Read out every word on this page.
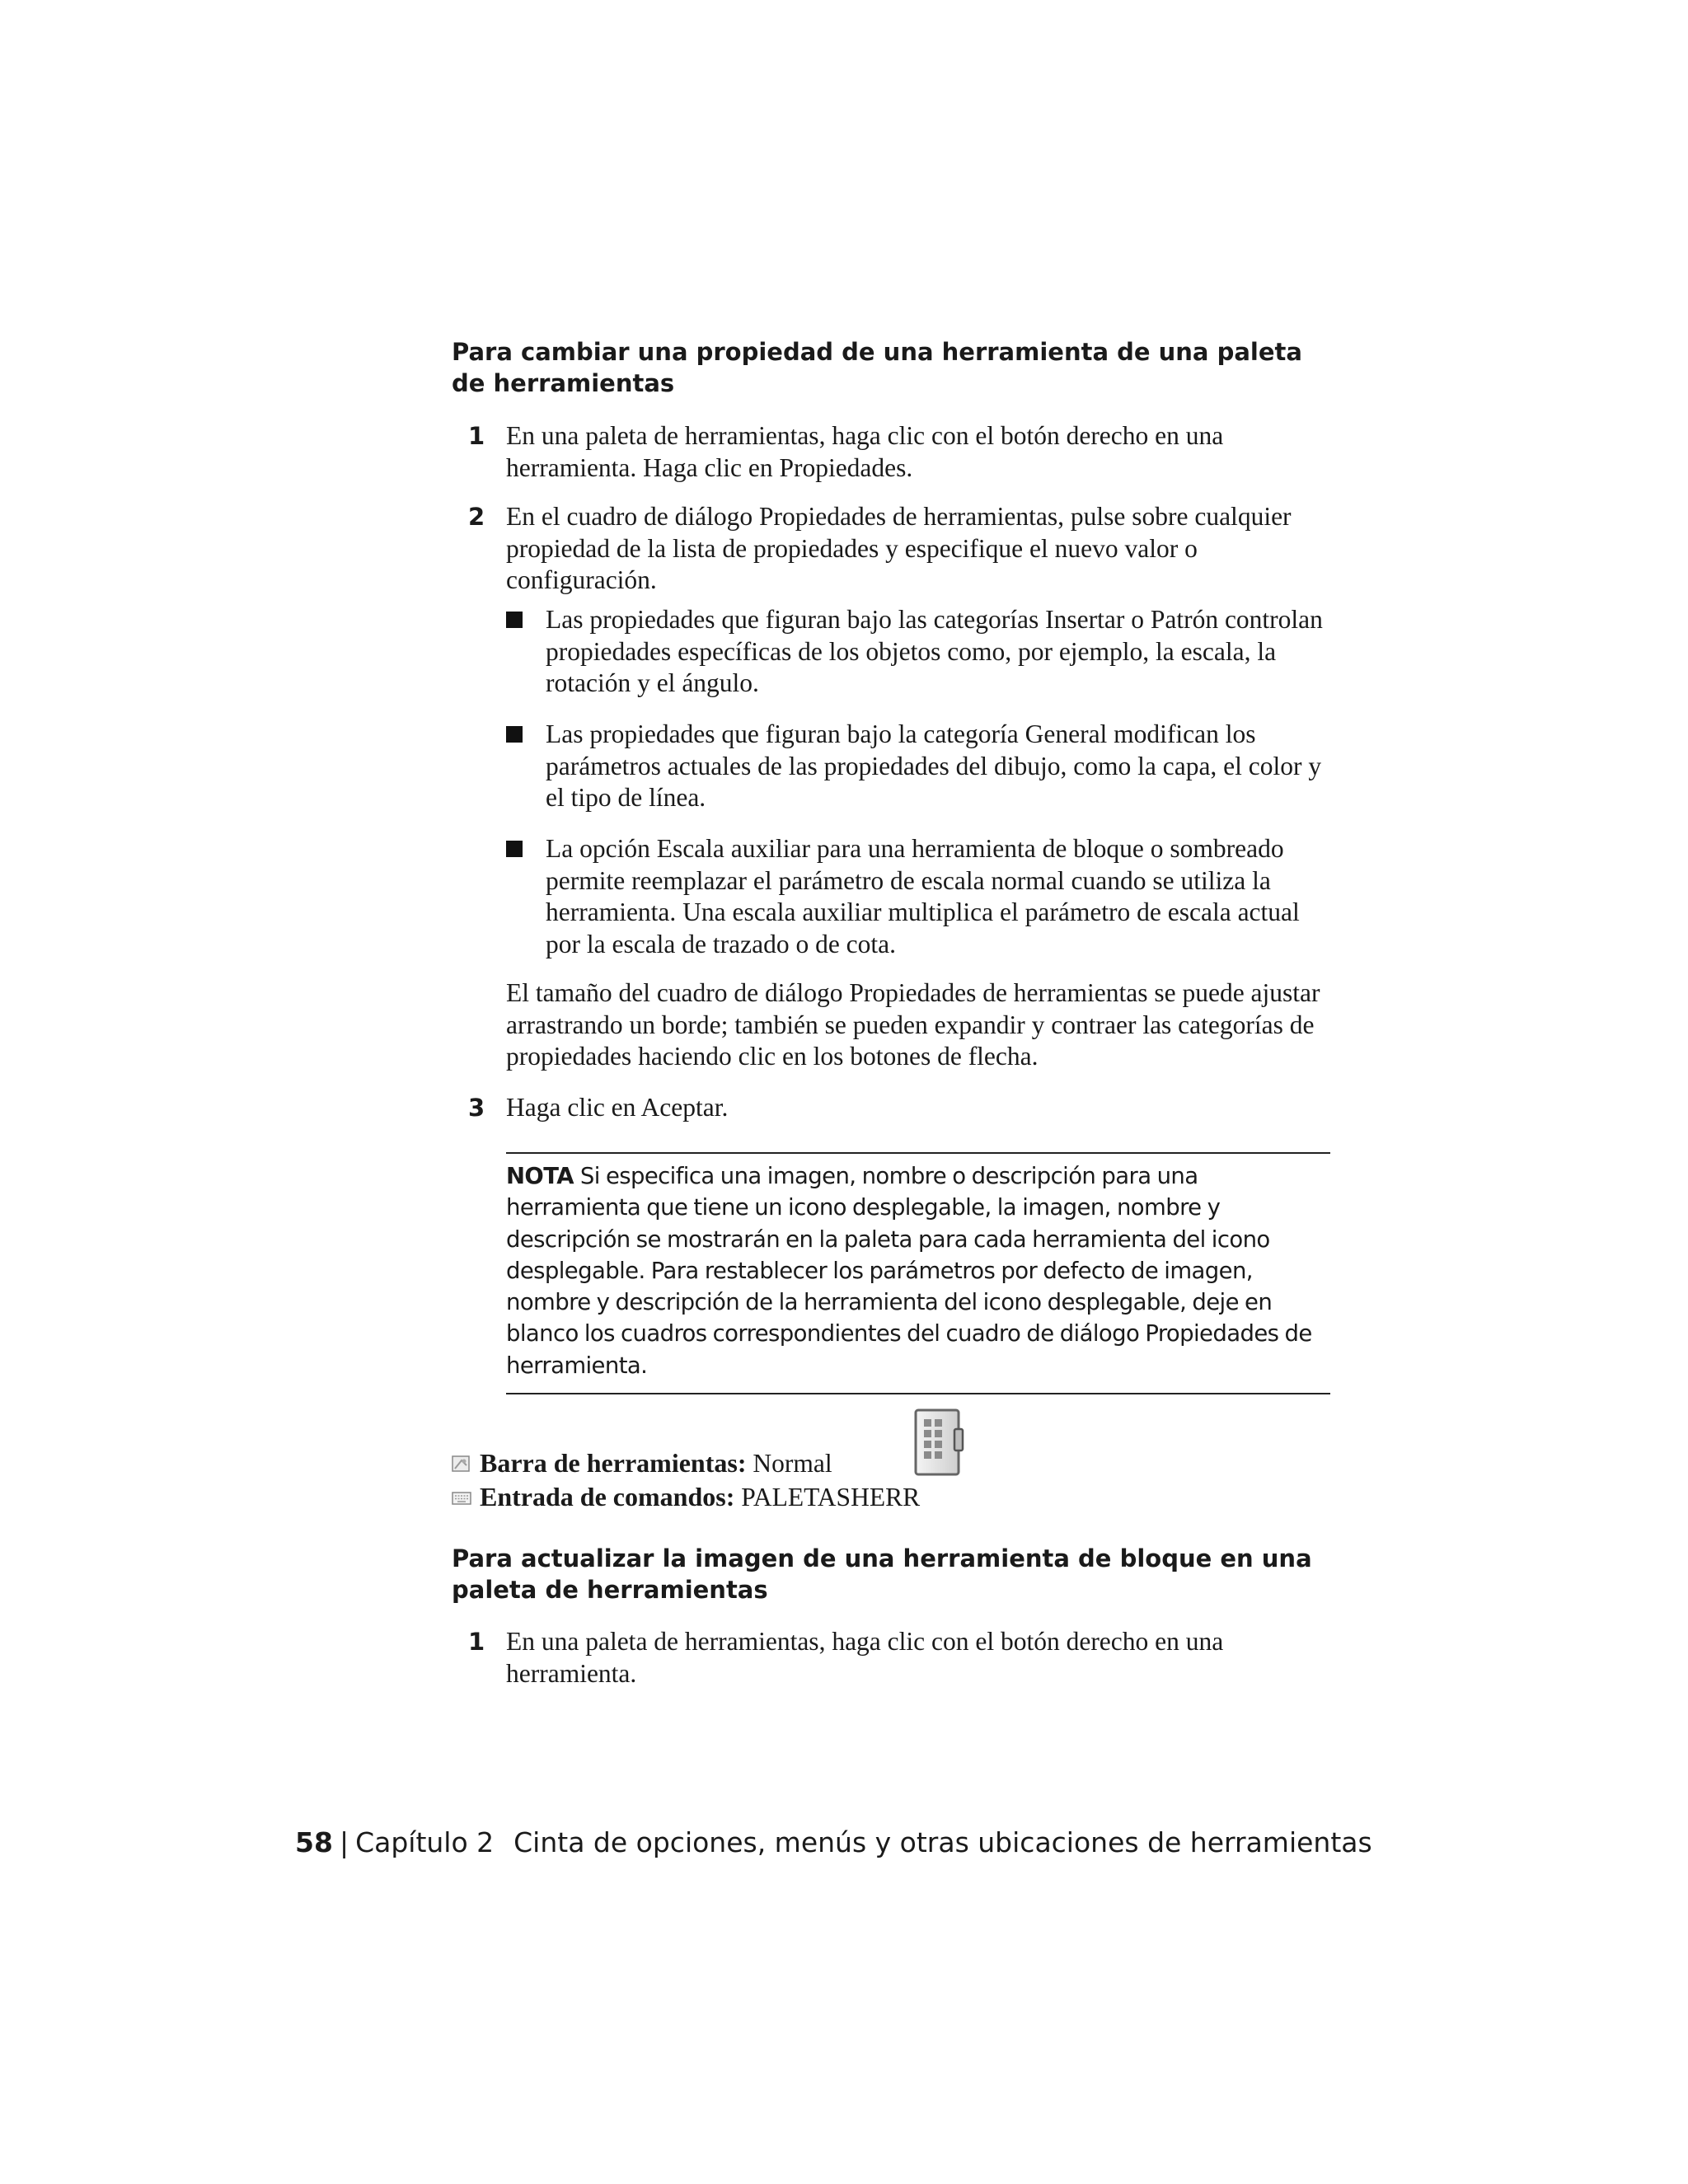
Para cambiar una propiedad de una herramienta de una paleta de herramientas
1 En una paleta de herramientas, haga clic con el botón derecho en una herramienta. Haga clic en Propiedades.
2 En el cuadro de diálogo Propiedades de herramientas, pulse sobre cualquier propiedad de la lista de propiedades y especifique el nuevo valor o configuración.
Las propiedades que figuran bajo las categorías Insertar o Patrón controlan propiedades específicas de los objetos como, por ejemplo, la escala, la rotación y el ángulo.
Las propiedades que figuran bajo la categoría General modifican los parámetros actuales de las propiedades del dibujo, como la capa, el color y el tipo de línea.
La opción Escala auxiliar para una herramienta de bloque o sombreado permite reemplazar el parámetro de escala normal cuando se utiliza la herramienta. Una escala auxiliar multiplica el parámetro de escala actual por la escala de trazado o de cota.

El tamaño del cuadro de diálogo Propiedades de herramientas se puede ajustar arrastrando un borde; también se pueden expandir y contraer las categorías de propiedades haciendo clic en los botones de flecha.

3 Haga clic en Aceptar.
NOTA Si especifica una imagen, nombre o descripción para una herramienta que tiene un icono desplegable, la imagen, nombre y descripción se mostrarán en la paleta para cada herramienta del icono desplegable. Para restablecer los parámetros por defecto de imagen, nombre y descripción de la herramienta del icono desplegable, deje en blanco los cuadros correspondientes del cuadro de diálogo Propiedades de herramienta.
Barra de herramientas: Normal
Entrada de comandos: PALETASHERR
Para actualizar la imagen de una herramienta de bloque en una paleta de herramientas
1 En una paleta de herramientas, haga clic con el botón derecho en una herramienta.
58 | Capítulo 2 Cinta de opciones, menús y otras ubicaciones de herramientas
